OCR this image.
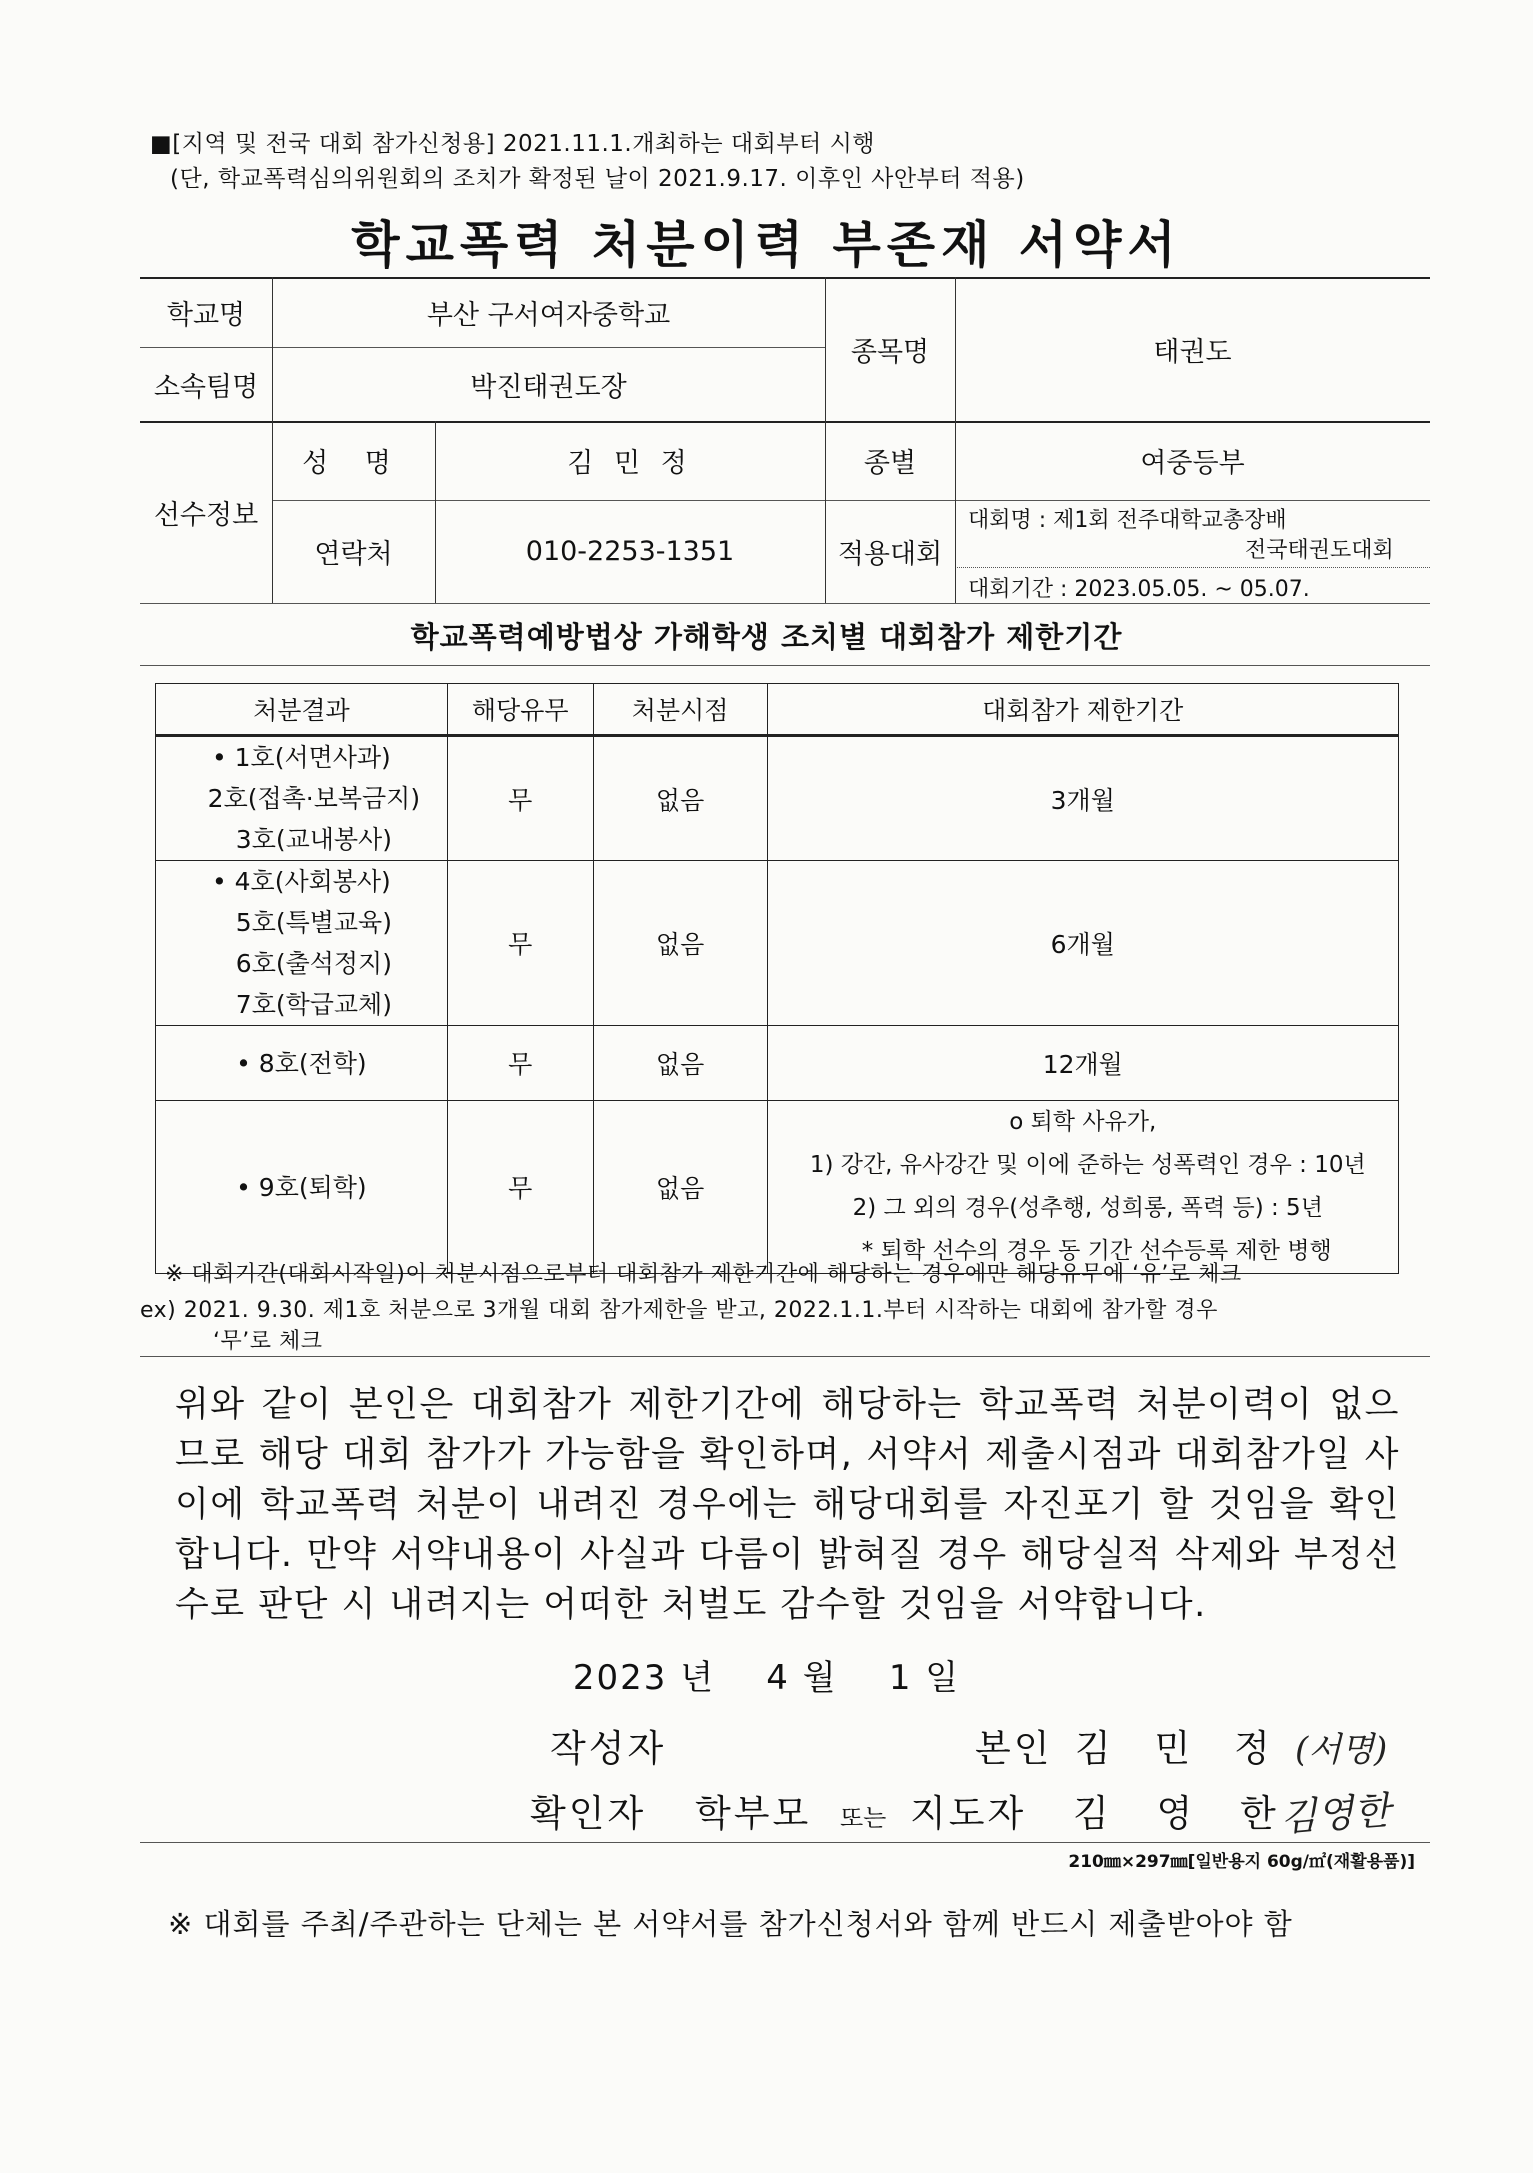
■[지역 및 전국 대회 참가신청용] 2021.11.1.개최하는 대회부터 시행
(단, 학교폭력심의위원회의 조치가 확정된 날이 2021.9.17. 이후인 사안부터 적용)
학교폭력 처분이력 부존재 서약서
학교명	부산 구서여자중학교
소속팀명	박진태권도장
종목명	태권도
선수정보
성 명	김 민 정	종별	여중등부
연락처	010-2253-1351	적용대회
대회명 : 제1회 전주대학교총장배
전국태권도대회
대회기간 : 2023.05.05. ~ 05.07.
학교폭력예방법상 가해학생 조치별 대회참가 제한기간
처분결과	해당유무	처분시점	대회참가 제한기간

• 1호(서면사과)
2호(접촉·보복금지)
3호(교내봉사)	무	없음	3개월

• 4호(사회봉사)
5호(특별교육)
6호(출석정지)
7호(학급교체)	무	없음	6개월

• 8호(전학)	무	없음	12개월

• 9호(퇴학)	무	없음	o 퇴학 사유가,
1) 강간, 유사강간 및 이에 준하는 성폭력인 경우 : 10년
2) 그 외의 경우(성추행, 성희롱, 폭력 등) : 5년
* 퇴학 선수의 경우 동 기간 선수등록 제한 병행
※ 대회기간(대회시작일)이 처분시점으로부터 대회참가 제한기간에 해당하는 경우에만 해당유무에 ‘유’로 체크
ex) 2021. 9.30. 제1호 처분으로 3개월 대회 참가제한을 받고, 2022.1.1.부터 시작하는 대회에 참가할 경우
‘무’로 체크
위와 같이 본인은 대회참가 제한기간에 해당하는 학교폭력 처분이력이 없으므로 해당 대회 참가가 가능함을 확인하며, 서약서 제출시점과 대회참가일 사이에 학교폭력 처분이 내려진 경우에는 해당대회를 자진포기 할 것임을 확인합니다. 만약 서약내용이 사실과 다름이 밝혀질 경우 해당실적 삭제와 부정선수로 판단 시 내려지는 어떠한 처벌도 감수할 것임을 서약합니다.
2023 년 4 월 1 일
작성자	본인 김 민 정 (서명)
확인자 학부모 또는 지도자 김 영 한
김영한
210㎜×297㎜[일반용지 60g/㎡(재활용품)]
※ 대회를 주최/주관하는 단체는 본 서약서를 참가신청서와 함께 반드시 제출받아야 함
